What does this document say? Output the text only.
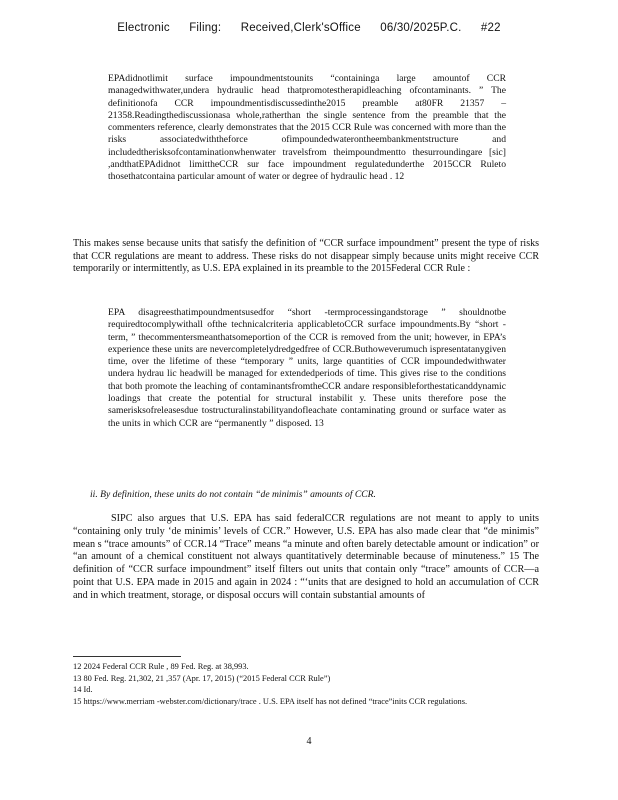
Electronic Filing: Received,Clerk'sOffice 06/30/2025P.C. #22
EPAdidnotlimit surface impoundmentstounits “containinga large amountof CCR managedwithwater,undera hydraulic head thatpromotestherapidleaching ofcontaminants. ” The definitionofa CCR impoundmentisdiscussedinthe2015 preamble at80FR 21357 –21358.Readingthediscussionasa whole,ratherthan the single sentence from the preamble that the commenters reference, clearly demonstrates that the 2015 CCR Rule was concerned with more than the risks associatedwiththeforce ofimpoundedwaterontheembankmentstructure and includedtherisksofcontaminationwhenwater travelsfrom theimpoundmentto thesurroundingare [sic] ,andthatEPAdidnot limittheCCR sur face impoundment regulatedunderthe 2015CCR Ruleto thosethatcontaina particular amount of water or degree of hydraulic head . 12
This makes sense because units that satisfy the definition of “CCR surface impoundment” present the type of risks that CCR regulations are meant to address. These risks do not disappear simply because units might receive CCR temporarily or intermittently, as U.S. EPA explained in its preamble to the 2015Federal CCR Rule :
EPA disagreesthatimpoundmentsusedfor “short -termprocessingandstorage ” shouldnotbe requiredtocomplywithall ofthe technicalcriteria applicabletoCCR surface impoundments.By “short -term, ” thecommentersmeanthatsomeportion of the CCR is removed from the unit; however, in EPA’s experience these units are nevercompletelydredgedfree of CCR.Buthoweverumuch ispresentatanygiven time, over the lifetime of these “temporary ” units, large quantities of CCR impoundedwithwater undera hydrau lic headwill be managed for extendedperiods of time. This gives rise to the conditions that both promote the leaching of contaminantsfromtheCCR andare responsibleforthestaticanddynamic loadings that create the potential for structural instabilit y. These units therefore pose the samerisksofreleasesdue tostructuralinstabilityandofleachate contaminating ground or surface water as the units in which CCR are “permanently ” disposed. 13
ii. By definition, these units do not contain “de minimis” amounts of CCR.
SIPC also argues that U.S. EPA has said federalCCR regulations are not meant to apply to units “containing only truly ‘de minimis’ levels of CCR.” However, U.S. EPA has also made clear that “de minimis” mean s “trace amounts” of CCR.14 “Trace” means “a minute and often barely detectable amount or indication” or “an amount of a chemical constituent not always quantitatively determinable because of minuteness.” 15 The definition of “CCR surface impoundment” itself filters out units that contain only “trace” amounts of CCR—a point that U.S. EPA made in 2015 and again in 2024 : “‘units that are designed to hold an accumulation of CCR and in which treatment, storage, or disposal occurs will contain substantial amounts of
12 2024 Federal CCR Rule , 89 Fed. Reg. at 38,993.
13 80 Fed. Reg. 21,302, 21 ,357 (Apr. 17, 2015) (“2015 Federal CCR Rule”)
14 Id.
15 https://www.merriam -webster.com/dictionary/trace . U.S. EPA itself has not defined “trace”inits CCR regulations.
4
